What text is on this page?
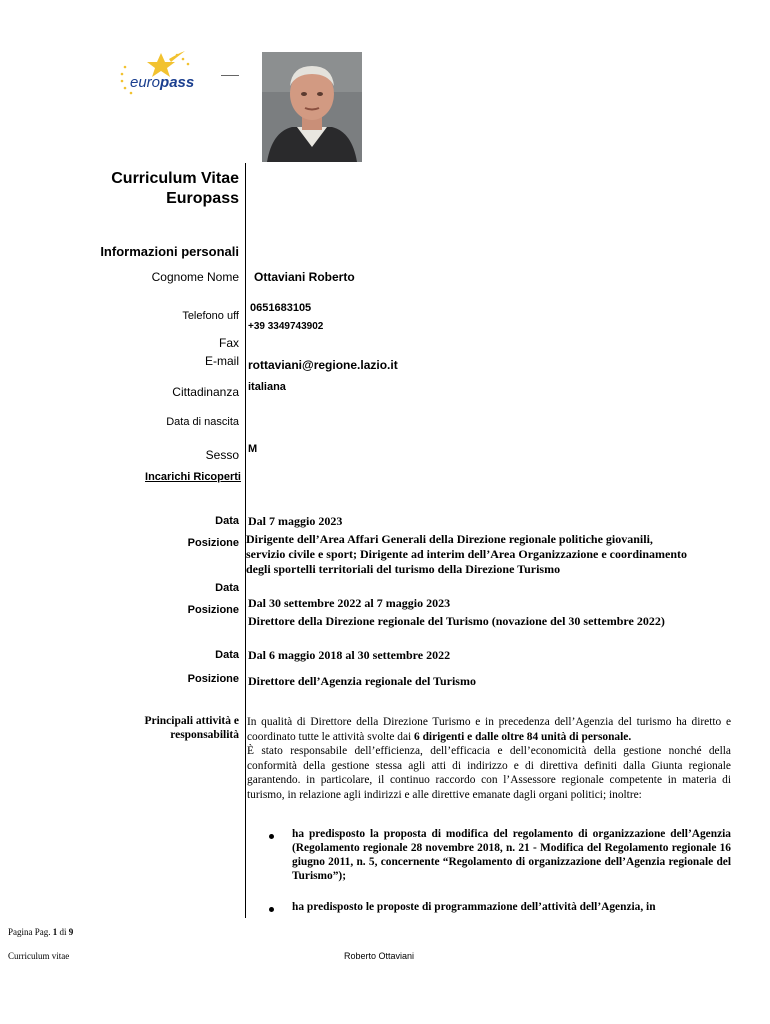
europass
Curriculum Vitae
Europass
Informazioni personali
Cognome Nome Ottaviani Roberto
Telefono uff
0651683105
+39 3349743902
Fax
E-mail rottaviani@regione.lazio.it
Cittadinanza italiana
Data di nascita
Sesso M
Incarichi Ricoperti
Data Dal 7 maggio 2023
Posizione Dirigente dell’Area Affari Generali della Direzione regionale politiche giovanili,
servizio civile e sport; Dirigente ad interim dell’Area Organizzazione e coordinamento
degli sportelli territoriali del turismo della Direzione Turismo
Data
Posizione Dal 30 settembre 2022 al 7 maggio 2023
Direttore della Direzione regionale del Turismo (novazione del 30 settembre 2022)
Data Dal 6 maggio 2018 al 30 settembre 2022
Posizione Direttore dell’Agenzia regionale del Turismo
Principali attività e
responsabilità
In qualità di Direttore della Direzione Turismo e in precedenza dell’Agenzia del turismo ha diretto e coordinato tutte le attività svolte dai 6 dirigenti e dalle oltre 84 unità di personale.
È stato responsabile dell’efficienza, dell’efficacia e dell’economicità della gestione nonché della conformità della gestione stessa agli atti di indirizzo e di direttiva definiti dalla Giunta regionale garantendo. in particolare, il continuo raccordo con l’Assessore regionale competente in materia di turismo, in relazione agli indirizzi e alle direttive emanate dagli organi politici; inoltre:
ha predisposto la proposta di modifica del regolamento di organizzazione dell’Agenzia (Regolamento regionale 28 novembre 2018, n. 21 - Modifica del Regolamento regionale 16 giugno 2011, n. 5, concernente “Regolamento di organizzazione dell’Agenzia regionale del Turismo”);
ha predisposto le proposte di programmazione dell’attività dell’Agenzia, in
Pagina Pag. 1 di 9
Curriculum vitae	Roberto Ottaviani
